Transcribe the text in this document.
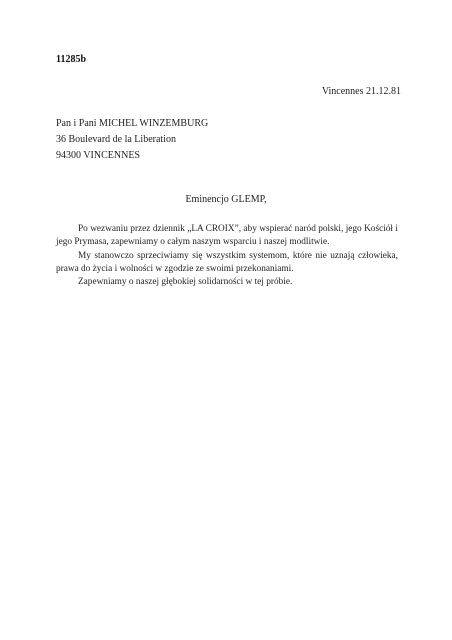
11285b
Vincennes 21.12.81
Pan i Pani MICHEL WINZEMBURG
36 Boulevard de la Liberation
94300 VINCENNES
Eminencjo GLEMP,

Po wezwaniu przez dziennik „LA CROIX”, aby wspierać naród polski, jego Kościół i jego Prymasa, zapewniamy o całym naszym wsparciu i naszej modlitwie.

My stanowczo sprzeciwiamy się wszystkim systemom, które nie uznają człowieka, prawa do życia i wolności w zgodzie ze swoimi przekonaniami.

Zapewniamy o naszej głębokiej solidarności w tej próbie.
